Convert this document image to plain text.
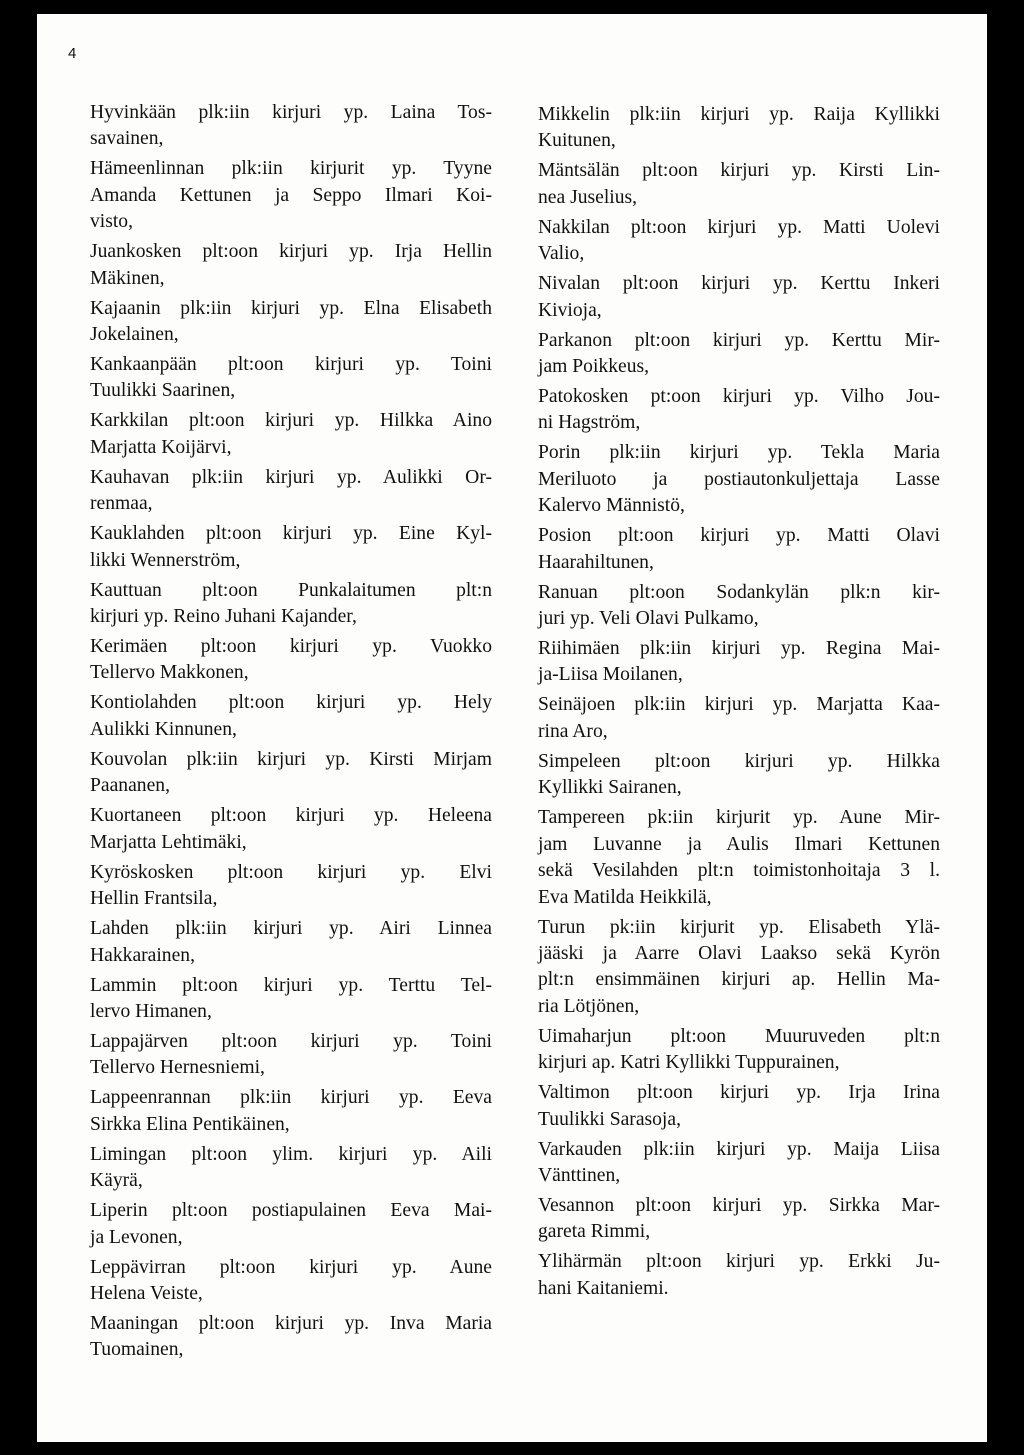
4
Hyvinkään plk:iin kirjuri yp. Laina Tos-
savainen,
Hämeenlinnan plk:iin kirjurit yp. Tyyne
Amanda Kettunen ja Seppo Ilmari Koi-
visto,
Juankosken plt:oon kirjuri yp. Irja Hellin
Mäkinen,
Kajaanin plk:iin kirjuri yp. Elna Elisabeth
Jokelainen,
Kankaanpään plt:oon kirjuri yp. Toini
Tuulikki Saarinen,
Karkkilan plt:oon kirjuri yp. Hilkka Aino
Marjatta Koijärvi,
Kauhavan plk:iin kirjuri yp. Aulikki Or-
renmaa,
Kauklahden plt:oon kirjuri yp. Eine Kyl-
likki Wennerström,
Kauttuan plt:oon Punkalaitumen plt:n
kirjuri yp. Reino Juhani Kajander,
Kerimäen plt:oon kirjuri yp. Vuokko
Tellervo Makkonen,
Kontiolahden plt:oon kirjuri yp. Hely
Aulikki Kinnunen,
Kouvolan plk:iin kirjuri yp. Kirsti Mirjam
Paananen,
Kuortaneen plt:oon kirjuri yp. Heleena
Marjatta Lehtimäki,
Kyröskosken plt:oon kirjuri yp. Elvi
Hellin Frantsila,
Lahden plk:iin kirjuri yp. Airi Linnea
Hakkarainen,
Lammin plt:oon kirjuri yp. Terttu Tel-
lervo Himanen,
Lappajärven plt:oon kirjuri yp. Toini
Tellervo Hernesniemi,
Lappeenrannan plk:iin kirjuri yp. Eeva
Sirkka Elina Pentikäinen,
Limingan plt:oon ylim. kirjuri yp. Aili
Käyrä,
Liperin plt:oon postiapulainen Eeva Mai-
ja Levonen,
Leppävirran plt:oon kirjuri yp. Aune
Helena Veiste,
Maaningan plt:oon kirjuri yp. Inva Maria
Tuomainen,
Mikkelin plk:iin kirjuri yp. Raija Kyllikki
Kuitunen,
Mäntsälän plt:oon kirjuri yp. Kirsti Lin-
nea Juselius,
Nakkilan plt:oon kirjuri yp. Matti Uolevi
Valio,
Nivalan plt:oon kirjuri yp. Kerttu Inkeri
Kivioja,
Parkanon plt:oon kirjuri yp. Kerttu Mir-
jam Poikkeus,
Patokosken pt:oon kirjuri yp. Vilho Jou-
ni Hagström,
Porin plk:iin kirjuri yp. Tekla Maria
Meriluoto ja postiautonkuljettaja Lasse
Kalervo Männistö,
Posion plt:oon kirjuri yp. Matti Olavi
Haarahiltunen,
Ranuan plt:oon Sodankylän plk:n kir-
juri yp. Veli Olavi Pulkamo,
Riihimäen plk:iin kirjuri yp. Regina Mai-
ja-Liisa Moilanen,
Seinäjoen plk:iin kirjuri yp. Marjatta Kaa-
rina Aro,
Simpeleen plt:oon kirjuri yp. Hilkka
Kyllikki Sairanen,
Tampereen pk:iin kirjurit yp. Aune Mir-
jam Luvanne ja Aulis Ilmari Kettunen
sekä Vesilahden plt:n toimistonhoitaja 3 l.
Eva Matilda Heikkilä,
Turun pk:iin kirjurit yp. Elisabeth Ylä-
jääski ja Aarre Olavi Laakso sekä Kyrön
plt:n ensimmäinen kirjuri ap. Hellin Ma-
ria Lötjönen,
Uimaharjun plt:oon Muuruveden plt:n
kirjuri ap. Katri Kyllikki Tuppurainen,
Valtimon plt:oon kirjuri yp. Irja Irina
Tuulikki Sarasoja,
Varkauden plk:iin kirjuri yp. Maija Liisa
Vänttinen,
Vesannon plt:oon kirjuri yp. Sirkka Mar-
gareta Rimmi,
Ylihärmän plt:oon kirjuri yp. Erkki Ju-
hani Kaitaniemi.
